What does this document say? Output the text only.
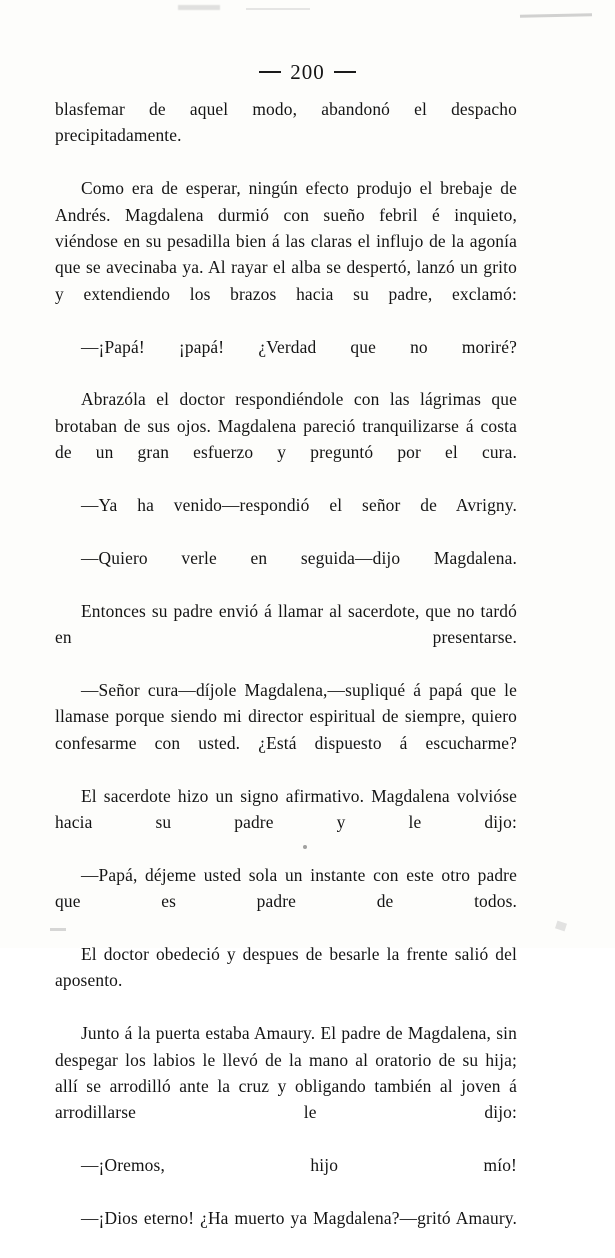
200

blasfemar de aquel modo, abandonó el despacho precipitadamente.

Como era de esperar, ningún efecto produjo el brebaje de Andrés. Magdalena durmió con sueño febril é inquieto, viéndose en su pesadilla bien á las claras el influjo de la agonía que se avecinaba ya. Al rayar el alba se despertó, lanzó un grito y extendiendo los brazos hacia su padre, exclamó:

—¡Papá! ¡papá! ¿Verdad que no moriré?

Abrazóla el doctor respondiéndole con las lágrimas que brotaban de sus ojos. Magdalena pareció tranquilizarse á costa de un gran esfuerzo y preguntó por el cura.

—Ya ha venido—respondió el señor de Avrigny.

—Quiero verle en seguida—dijo Magdalena.

Entonces su padre envió á llamar al sacerdote, que no tardó en presentarse.

—Señor cura—díjole Magdalena,—supliqué á papá que le llamase porque siendo mi director espiritual de siempre, quiero confesarme con usted. ¿Está dispuesto á escucharme?

El sacerdote hizo un signo afirmativo. Magdalena volvióse hacia su padre y le dijo:

—Papá, déjeme usted sola un instante con este otro padre que es padre de todos.

El doctor obedeció y despues de besarle la frente salió del aposento.

Junto á la puerta estaba Amaury. El padre de Magdalena, sin despegar los labios le llevó de la mano al oratorio de su hija; allí se arrodilló ante la cruz y obligando también al joven á arrodillarse le dijo:

—¡Oremos, hijo mío!

—¡Dios eterno! ¿Ha muerto ya Magdalena?—gritó Amaury.
